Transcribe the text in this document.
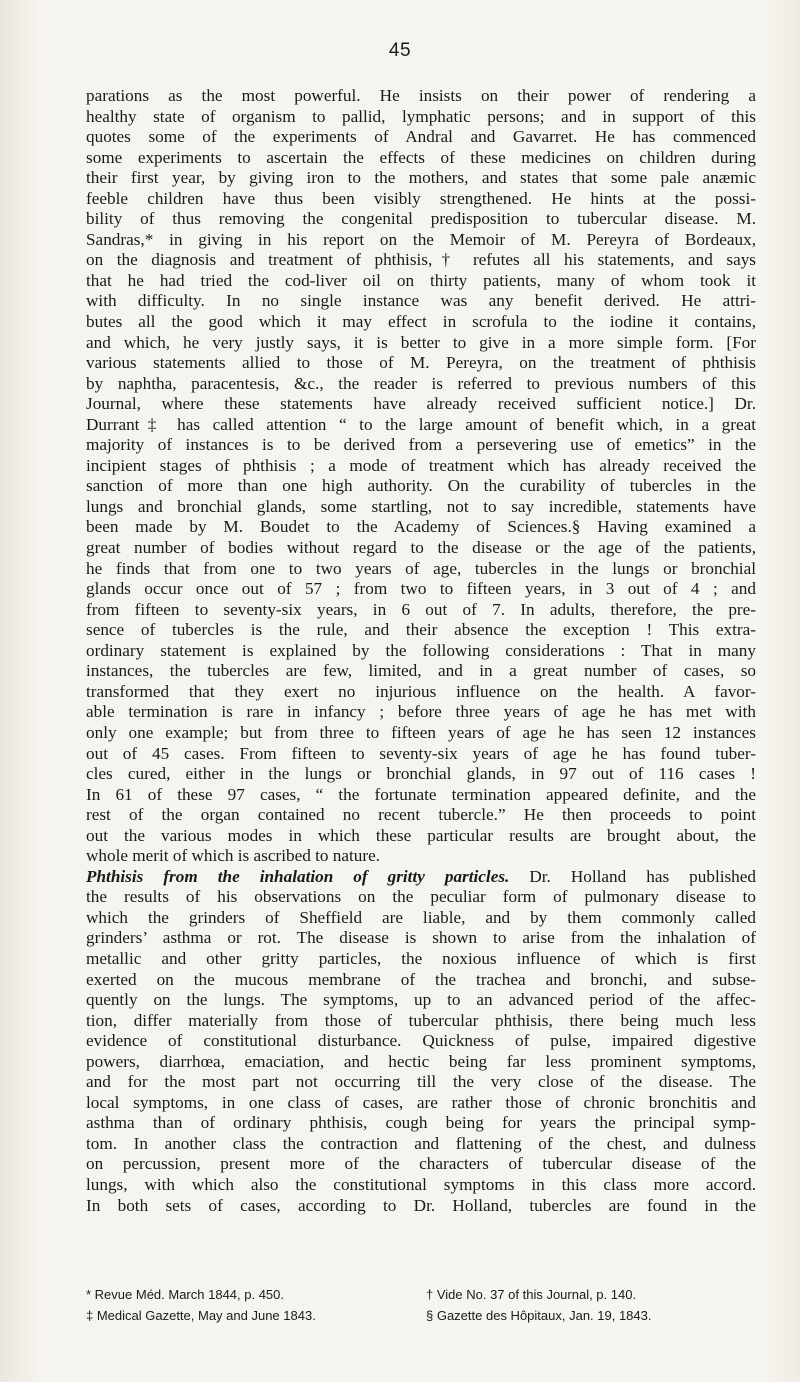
45
parations as the most powerful. He insists on their power of rendering a
healthy state of organism to pallid, lymphatic persons; and in support of this
quotes some of the experiments of Andral and Gavarret. He has commenced
some experiments to ascertain the effects of these medicines on children during
their first year, by giving iron to the mothers, and states that some pale anæmic
feeble children have thus been visibly strengthened. He hints at the possi-
bility of thus removing the congenital predisposition to tubercular disease. M.
Sandras,* in giving in his report on the Memoir of M. Pereyra of Bordeaux,
on the diagnosis and treatment of phthisis,† refutes all his statements, and says
that he had tried the cod-liver oil on thirty patients, many of whom took it
with difficulty. In no single instance was any benefit derived. He attri-
butes all the good which it may effect in scrofula to the iodine it contains,
and which, he very justly says, it is better to give in a more simple form. [For
various statements allied to those of M. Pereyra, on the treatment of phthisis
by naphtha, paracentesis, &c., the reader is referred to previous numbers of this
Journal, where these statements have already received sufficient notice.] Dr.
Durrant‡ has called attention “ to the large amount of benefit which, in a great
majority of instances is to be derived from a persevering use of emetics” in the
incipient stages of phthisis ; a mode of treatment which has already received the
sanction of more than one high authority. On the curability of tubercles in the
lungs and bronchial glands, some startling, not to say incredible, statements have
been made by M. Boudet to the Academy of Sciences.§ Having examined a
great number of bodies without regard to the disease or the age of the patients,
he finds that from one to two years of age, tubercles in the lungs or bronchial
glands occur once out of 57 ; from two to fifteen years, in 3 out of 4 ; and
from fifteen to seventy-six years, in 6 out of 7. In adults, therefore, the pre-
sence of tubercles is the rule, and their absence the exception ! This extra-
ordinary statement is explained by the following considerations : That in many
instances, the tubercles are few, limited, and in a great number of cases, so
transformed that they exert no injurious influence on the health. A favor-
able termination is rare in infancy ; before three years of age he has met with
only one example; but from three to fifteen years of age he has seen 12 instances
out of 45 cases. From fifteen to seventy-six years of age he has found tuber-
cles cured, either in the lungs or bronchial glands, in 97 out of 116 cases !
In 61 of these 97 cases, “ the fortunate termination appeared definite, and the
rest of the organ contained no recent tubercle.” He then proceeds to point
out the various modes in which these particular results are brought about, the
whole merit of which is ascribed to nature.
Phthisis from the inhalation of gritty particles. Dr. Holland has published
the results of his observations on the peculiar form of pulmonary disease to
which the grinders of Sheffield are liable, and by them commonly called
grinders’ asthma or rot. The disease is shown to arise from the inhalation of
metallic and other gritty particles, the noxious influence of which is first
exerted on the mucous membrane of the trachea and bronchi, and subse-
quently on the lungs. The symptoms, up to an advanced period of the affec-
tion, differ materially from those of tubercular phthisis, there being much less
evidence of constitutional disturbance. Quickness of pulse, impaired digestive
powers, diarrhœa, emaciation, and hectic being far less prominent symptoms,
and for the most part not occurring till the very close of the disease. The
local symptoms, in one class of cases, are rather those of chronic bronchitis and
asthma than of ordinary phthisis, cough being for years the principal symp-
tom. In another class the contraction and flattening of the chest, and dulness
on percussion, present more of the characters of tubercular disease of the
lungs, with which also the constitutional symptoms in this class more accord.
In both sets of cases, according to Dr. Holland, tubercles are found in the
* Revue Méd. March 1844, p. 450.	† Vide No. 37 of this Journal, p. 140.
‡ Medical Gazette, May and June 1843.	§ Gazette des Hôpitaux, Jan. 19, 1843.
